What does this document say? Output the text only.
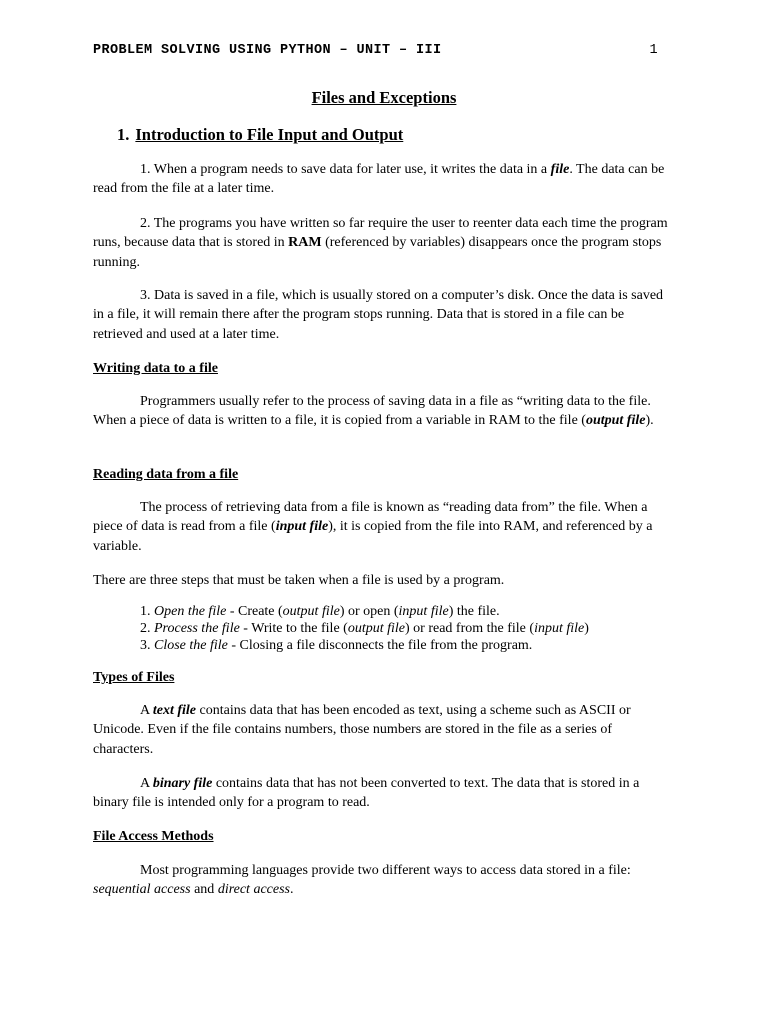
PROBLEM SOLVING USING PYTHON – UNIT – III	1
Files and Exceptions
1. Introduction to File Input and Output

1. When a program needs to save data for later use, it writes the data in a file. The data can be read from the file at a later time.

2. The programs you have written so far require the user to reenter data each time the program runs, because data that is stored in RAM (referenced by variables) disappears once the program stops running.

3. Data is saved in a file, which is usually stored on a computer’s disk. Once the data is saved in a file, it will remain there after the program stops running. Data that is stored in a file can be retrieved and used at a later time.

Writing data to a file

Programmers usually refer to the process of saving data in a file as “writing data to the file. When a piece of data is written to a file, it is copied from a variable in RAM to the file (output file).

Reading data from a file

The process of retrieving data from a file is known as “reading data from” the file. When a piece of data is read from a file (input file), it is copied from the file into RAM, and referenced by a variable.

There are three steps that must be taken when a file is used by a program.

1. Open the file - Create (output file) or open (input file) the file.
2. Process the file - Write to the file (output file) or read from the file (input file)
3. Close the file - Closing a file disconnects the file from the program.

Types of Files

A text file contains data that has been encoded as text, using a scheme such as ASCII or Unicode. Even if the file contains numbers, those numbers are stored in the file as a series of characters.

A binary file contains data that has not been converted to text. The data that is stored in a binary file is intended only for a program to read.

File Access Methods

Most programming languages provide two different ways to access data stored in a file: sequential access and direct access.
